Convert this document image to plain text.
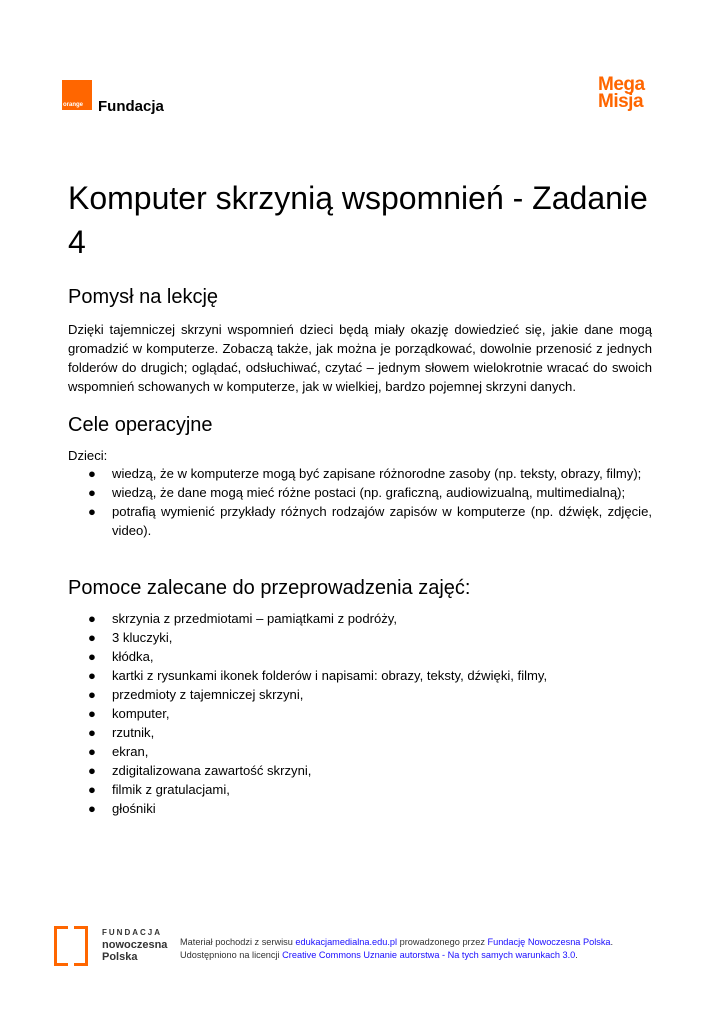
orange Fundacja
Mega
Misja
Komputer skrzynią wspomnień - Zadanie 4
Pomysł na lekcję

Dzięki tajemniczej skrzyni wspomnień dzieci będą miały okazję dowiedzieć się, jakie dane mogą gromadzić w komputerze. Zobaczą także, jak można je porządkować, dowolnie przenosić z jednych folderów do drugich; oglądać, odsłuchiwać, czytać – jednym słowem wielokrotnie wracać do swoich wspomnień schowanych w komputerze, jak w wielkiej, bardzo pojemnej skrzyni danych.

Cele operacyjne

Dzieci:

● wiedzą, że w komputerze mogą być zapisane różnorodne zasoby (np. teksty, obrazy, filmy);
● wiedzą, że dane mogą mieć różne postaci (np. graficzną, audiowizualną, multimedialną);
● potrafią wymienić przykłady różnych rodzajów zapisów w komputerze (np. dźwięk, zdjęcie, video).
Pomoce zalecane do przeprowadzenia zajęć:
● skrzynia z przedmiotami – pamiątkami z podróży,
● 3 kluczyki,
● kłódka,
● kartki z rysunkami ikonek folderów i napisami: obrazy, teksty, dźwięki, filmy,
● przedmioty z tajemniczej skrzyni,
● komputer,
● rzutnik,
● ekran,
● zdigitalizowana zawartość skrzyni,
● filmik z gratulacjami,
● głośniki
FUNDACJA
nowoczesna
Polska
Materiał pochodzi z serwisu edukacjamedialna.edu.pl prowadzonego przez Fundację Nowoczesna Polska.
Udostępniono na licencji Creative Commons Uznanie autorstwa - Na tych samych warunkach 3.0.
